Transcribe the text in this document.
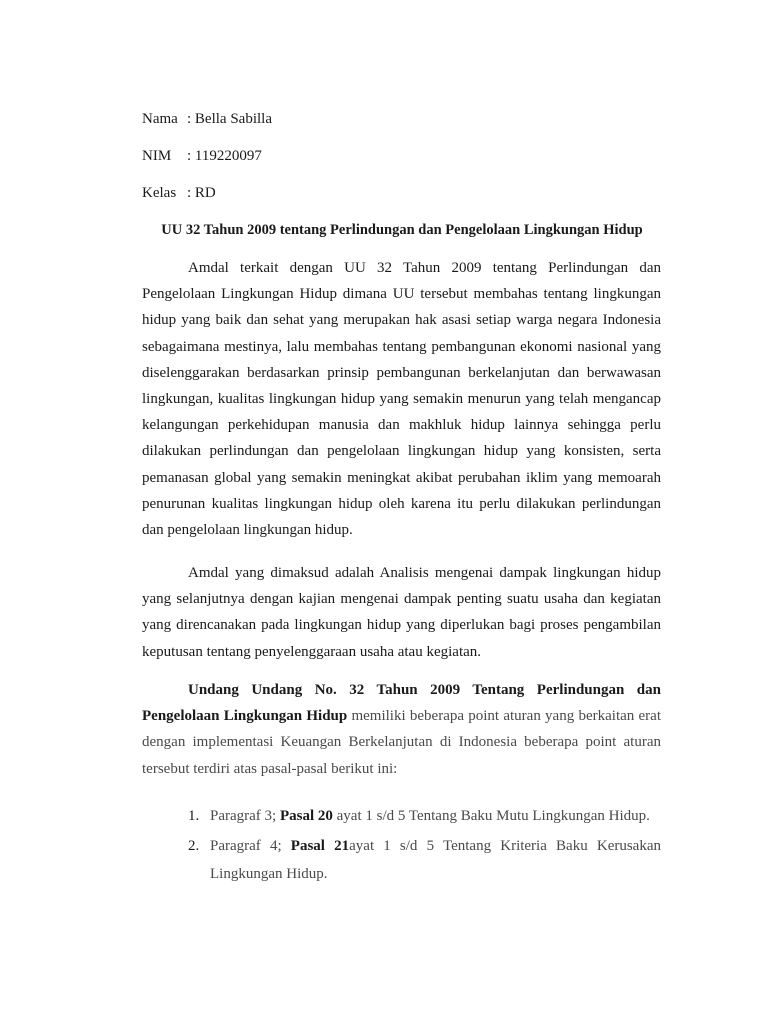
Nama : Bella Sabilla
NIM : 119220097
Kelas : RD
UU 32 Tahun 2009 tentang Perlindungan dan Pengelolaan Lingkungan Hidup

Amdal terkait dengan UU 32 Tahun 2009 tentang Perlindungan dan Pengelolaan Lingkungan Hidup dimana UU tersebut membahas tentang lingkungan hidup yang baik dan sehat yang merupakan hak asasi setiap warga negara Indonesia sebagaimana mestinya, lalu membahas tentang pembangunan ekonomi nasional yang diselenggarakan berdasarkan prinsip pembangunan berkelanjutan dan berwawasan lingkungan, kualitas lingkungan hidup yang semakin menurun yang telah mengancap kelangungan perkehidupan manusia dan makhluk hidup lainnya sehingga perlu dilakukan perlindungan dan pengelolaan lingkungan hidup yang konsisten, serta pemanasan global yang semakin meningkat akibat perubahan iklim yang memoarah penurunan kualitas lingkungan hidup oleh karena itu perlu dilakukan perlindungan dan pengelolaan lingkungan hidup.

Amdal yang dimaksud adalah Analisis mengenai dampak lingkungan hidup yang selanjutnya dengan kajian mengenai dampak penting suatu usaha dan kegiatan yang direncanakan pada lingkungan hidup yang diperlukan bagi proses pengambilan keputusan tentang penyelenggaraan usaha atau kegiatan.

Undang Undang No. 32 Tahun 2009 Tentang Perlindungan dan Pengelolaan Lingkungan Hidup memiliki beberapa point aturan yang berkaitan erat dengan implementasi Keuangan Berkelanjutan di Indonesia beberapa point aturan tersebut terdiri atas pasal-pasal berikut ini:

1. Paragraf 3; Pasal 20 ayat 1 s/d 5 Tentang Baku Mutu Lingkungan Hidup.
2. Paragraf 4; Pasal 21ayat 1 s/d 5 Tentang Kriteria Baku Kerusakan Lingkungan Hidup.
